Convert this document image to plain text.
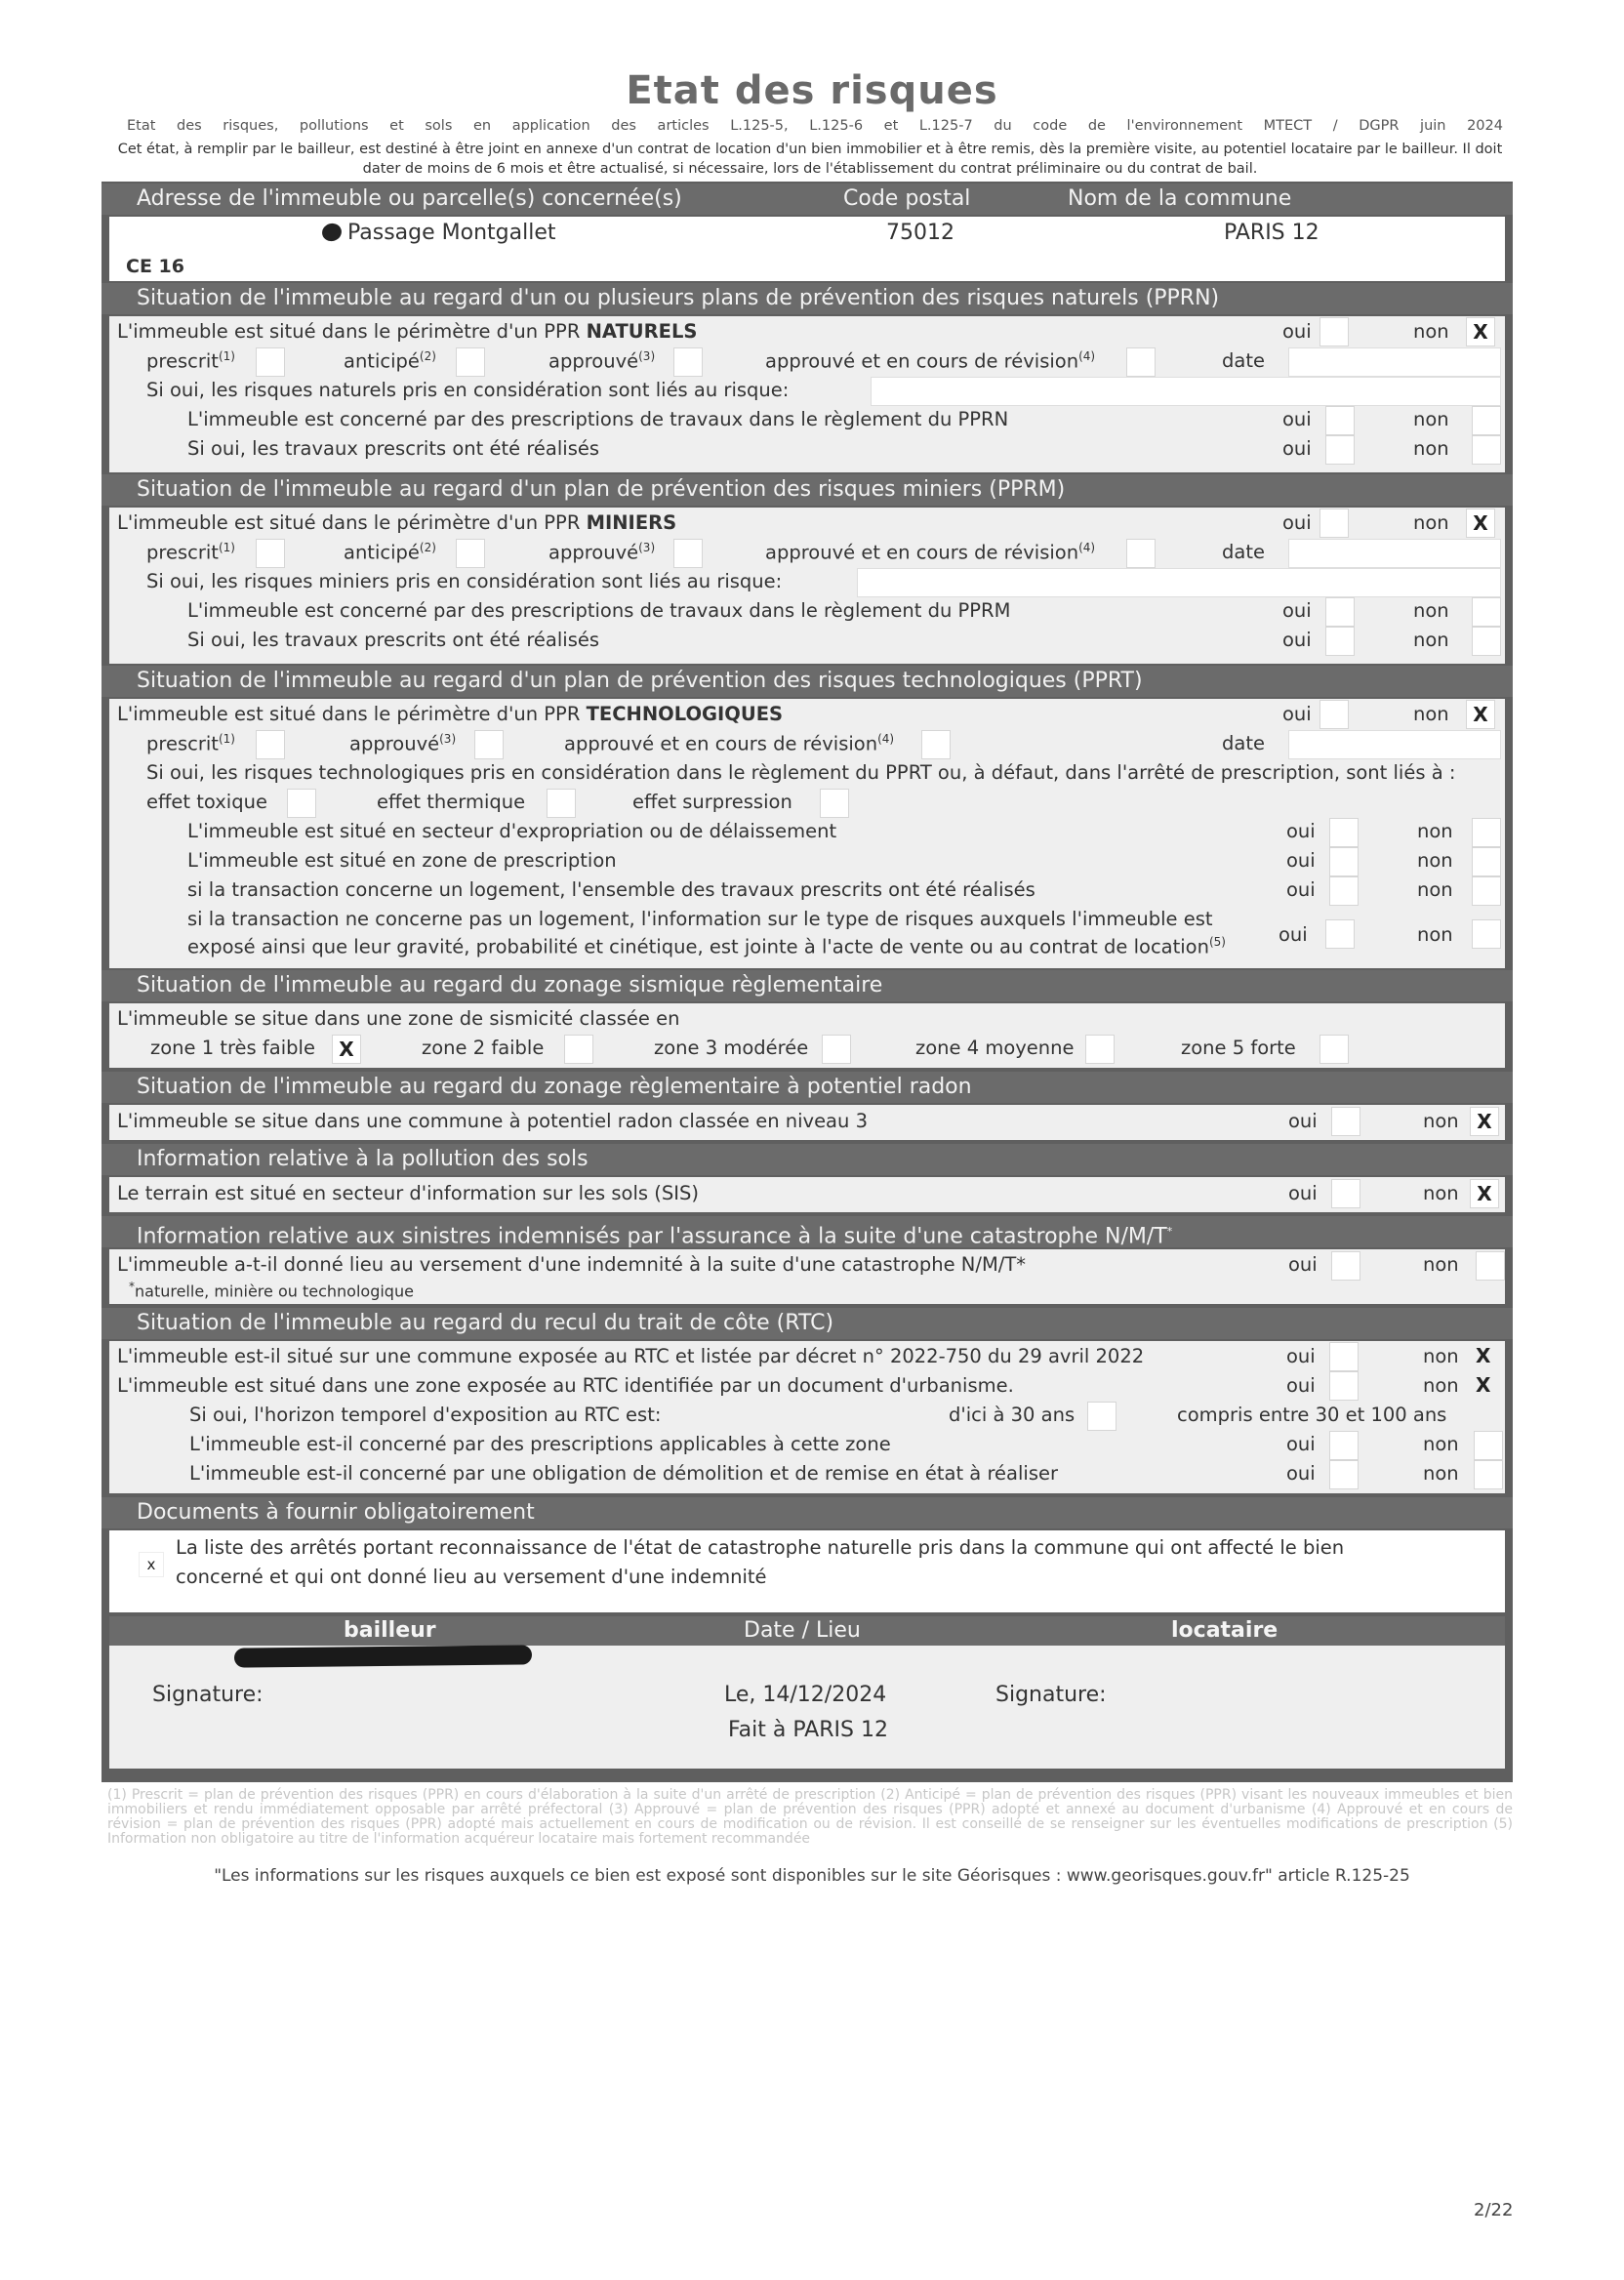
Etat des risques
Etat des risques, pollutions et sols en application des articles L.125-5, L.125-6 et L.125-7 du code de l'environnement MTECT / DGPR juin 2024
Cet état, à remplir par le bailleur, est destiné à être joint en annexe d'un contrat de location d'un bien immobilier et à être remis, dès la première visite, au potentiel locataire par le bailleur. Il doit dater de moins de 6 mois et être actualisé, si nécessaire, lors de l'établissement du contrat préliminaire ou du contrat de bail.
Adresse de l'immeuble ou parcelle(s) concernée(s)	Code postal	Nom de la commune
Passage Montgallet	75012	PARIS 12
CE 16
Situation de l'immeuble au regard d'un ou plusieurs plans de prévention des risques naturels (PPRN)
L'immeuble est situé dans le périmètre d'un PPR NATURELS	oui	non	X
prescrit$^{(1)}$	anticipé$^{(2)}$	approuvé$^{(3)}$	approuvé et en cours de révision$^{(4)}$	date
Si oui, les risques naturels pris en considération sont liés au risque:
L'immeuble est concerné par des prescriptions de travaux dans le règlement du PPRN	oui	non
Si oui, les travaux prescrits ont été réalisés	oui	non
Situation de l'immeuble au regard d'un plan de prévention des risques miniers (PPRM)
L'immeuble est situé dans le périmètre d'un PPR MINIERS	oui	non	X
prescrit$^{(1)}$	anticipé$^{(2)}$	approuvé$^{(3)}$	approuvé et en cours de révision$^{(4)}$	date
Si oui, les risques miniers pris en considération sont liés au risque:
L'immeuble est concerné par des prescriptions de travaux dans le règlement du PPRM	oui	non
Si oui, les travaux prescrits ont été réalisés	oui	non
Situation de l'immeuble au regard d'un plan de prévention des risques technologiques (PPRT)
L'immeuble est situé dans le périmètre d'un PPR TECHNOLOGIQUES	oui	non	X
prescrit$^{(1)}$	approuvé$^{(3)}$	approuvé et en cours de révision$^{(4)}$	date
Si oui, les risques technologiques pris en considération dans le règlement du PPRT ou, à défaut, dans l'arrêté de prescription, sont liés à :
effet toxique	effet thermique	effet surpression
L'immeuble est situé en secteur d'expropriation ou de délaissement	oui	non
L'immeuble est situé en zone de prescription	oui	non
si la transaction concerne un logement, l'ensemble des travaux prescrits ont été réalisés	oui	non
si la transaction ne concerne pas un logement, l'information sur le type de risques auxquels l'immeuble est
exposé ainsi que leur gravité, probabilité et cinétique, est jointe à l'acte de vente ou au contrat de location$^{(5)}$	oui	non
Situation de l'immeuble au regard du zonage sismique règlementaire
L'immeuble se situe dans une zone de sismicité classée en
zone 1 très faible	X	zone 2 faible	zone 3 modérée	zone 4 moyenne	zone 5 forte
Situation de l'immeuble au regard du zonage règlementaire à potentiel radon
L'immeuble se situe dans une commune à potentiel radon classée en niveau 3	oui	non X
Information relative à la pollution des sols
Le terrain est situé en secteur d'information sur les sols (SIS)	oui	non X
Information relative aux sinistres indemnisés par l'assurance à la suite d'une catastrophe N/M/T*
L'immeuble a-t-il donné lieu au versement d'une indemnité à la suite d'une catastrophe N/M/T*
*naturelle, minière ou technologique
oui	non
Situation de l'immeuble au regard du recul du trait de côte (RTC)
L'immeuble est-il situé sur une commune exposée au RTC et listée par décret n° 2022-750 du 29 avril 2022	oui	non X
L'immeuble est situé dans une zone exposée au RTC identifiée par un document d'urbanisme.	oui	non X
Si oui, l'horizon temporel d'exposition au RTC est:	d'ici à 30 ans	compris entre 30 et 100 ans
L'immeuble est-il concerné par des prescriptions applicables à cette zone	oui	non
L'immeuble est-il concerné par une obligation de démolition et de remise en état à réaliser	oui	non
Documents à fournir obligatoirement
x
La liste des arrêtés portant reconnaissance de l'état de catastrophe naturelle pris dans la commune qui ont affecté le bien
concerné et qui ont donné lieu au versement d'une indemnité
bailleur	Date / Lieu	locataire
Signature:	Le, 14/12/2024
Fait à PARIS 12
Signature:
(1) Prescrit = plan de prévention des risques (PPR) en cours d'élaboration à la suite d'un arrêté de prescription (2) Anticipé = plan de prévention des risques (PPR) visant les nouveaux immeubles et bien immobiliers et rendu immédiatement opposable par arrêté préfectoral (3) Approuvé = plan de prévention des risques (PPR) adopté et annexé au document d'urbanisme (4) Approuvé et en cours de révision = plan de prévention des risques (PPR) adopté mais actuellement en cours de modification ou de révision. Il est conseillé de se renseigner sur les éventuelles modifications de prescription (5) Information non obligatoire au titre de l'information acquéreur locataire mais fortement recommandée
"Les informations sur les risques auxquels ce bien est exposé sont disponibles sur le site Géorisques : www.georisques.gouv.fr" article R.125-25
2/22
